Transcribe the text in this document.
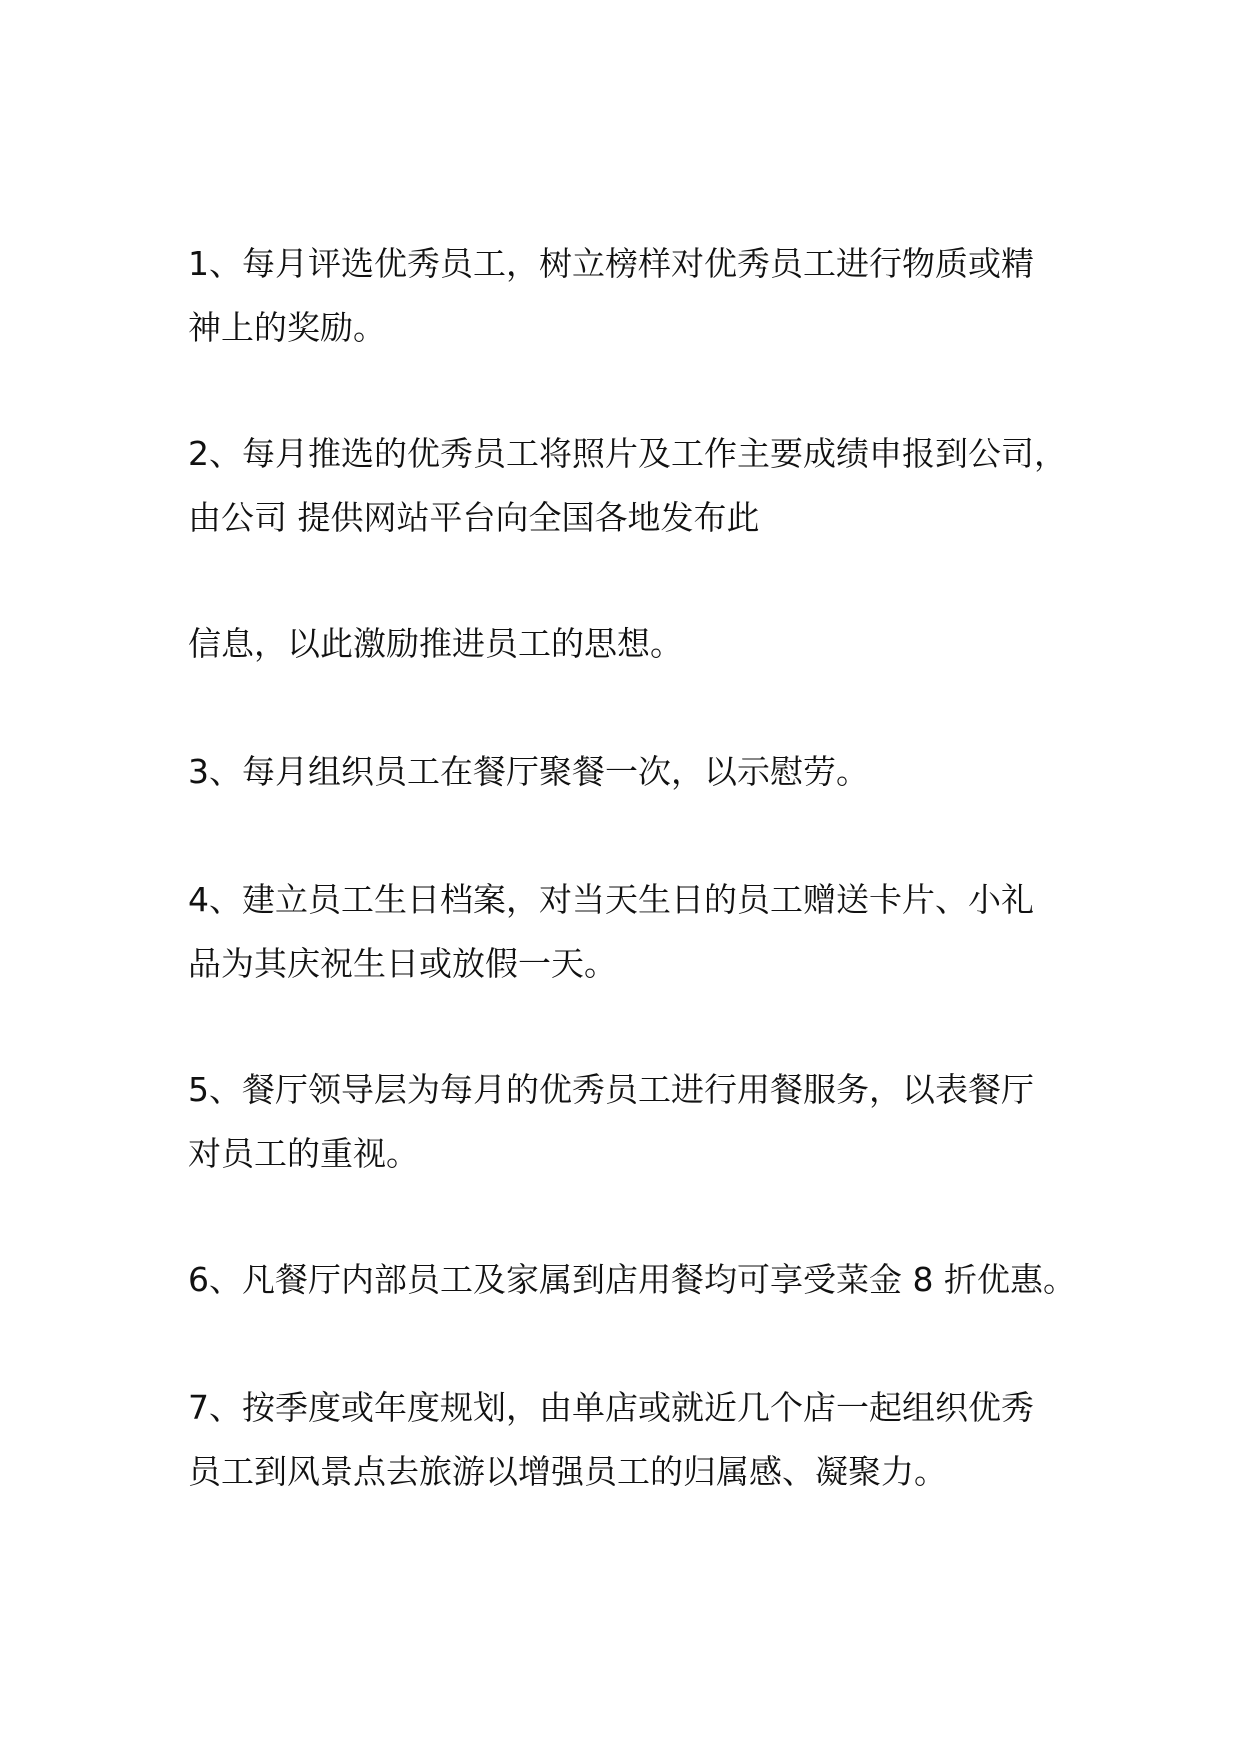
1、每月评选优秀员工，树立榜样对优秀员工进行物质或精
神上的奖励。

2、每月推选的优秀员工将照片及工作主要成绩申报到公司，
由公司 提供网站平台向全国各地发布此

信息，以此激励推进员工的思想。

3、每月组织员工在餐厅聚餐一次，以示慰劳。

4、建立员工生日档案，对当天生日的员工赠送卡片、小礼
品为其庆祝生日或放假一天。

5、餐厅领导层为每月的优秀员工进行用餐服务，以表餐厅
对员工的重视。

6、凡餐厅内部员工及家属到店用餐均可享受菜金 8 折优惠。

7、按季度或年度规划，由单店或就近几个店一起组织优秀
员工到风景点去旅游以增强员工的归属感、凝聚力。
